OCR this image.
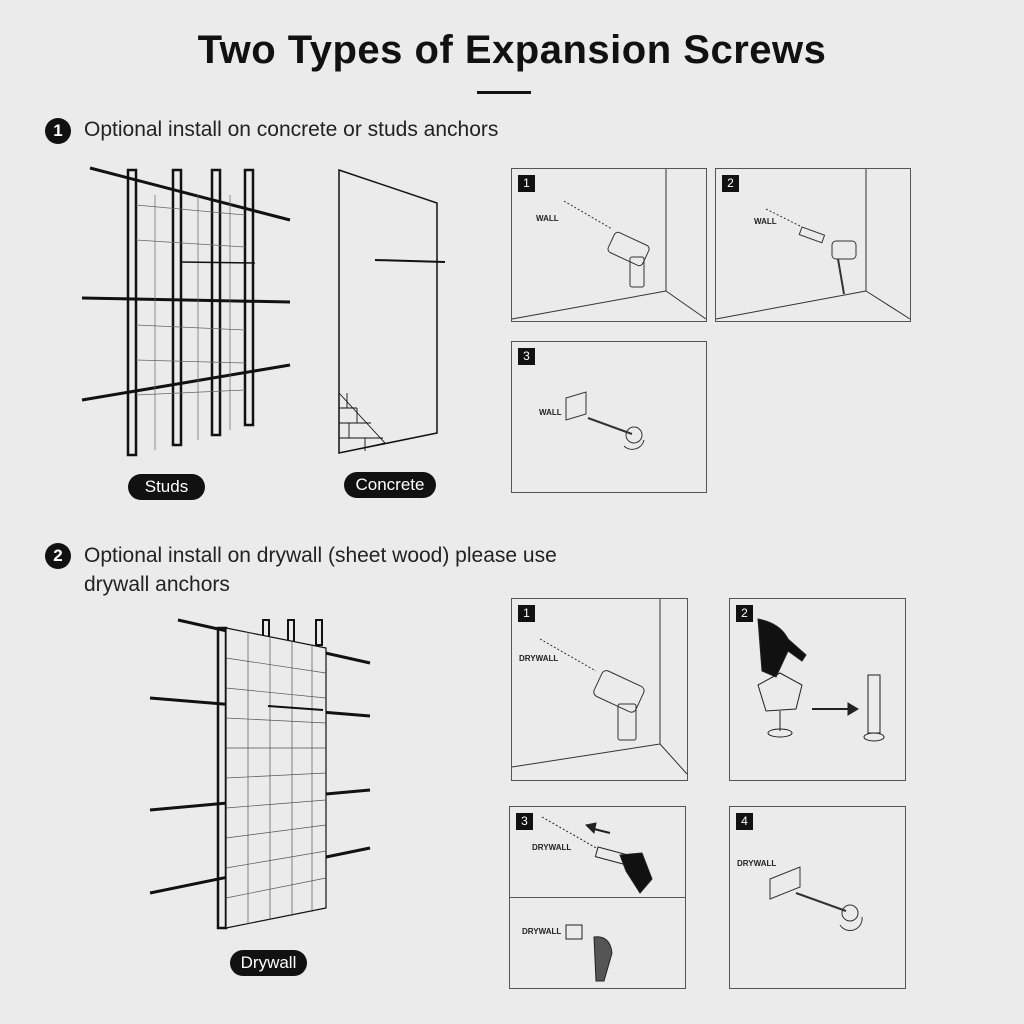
Two Types of Expansion Screws
1	Optional install on concrete or studs anchors
Studs	Concrete
1
WALL
2
WALL
3
WALL
2	Optional install on drywall (sheet wood) please use
drywall anchors
Drywall
1
DRYWALL
2
3
DRYWALL
DRYWALL
4
DRYWALL
